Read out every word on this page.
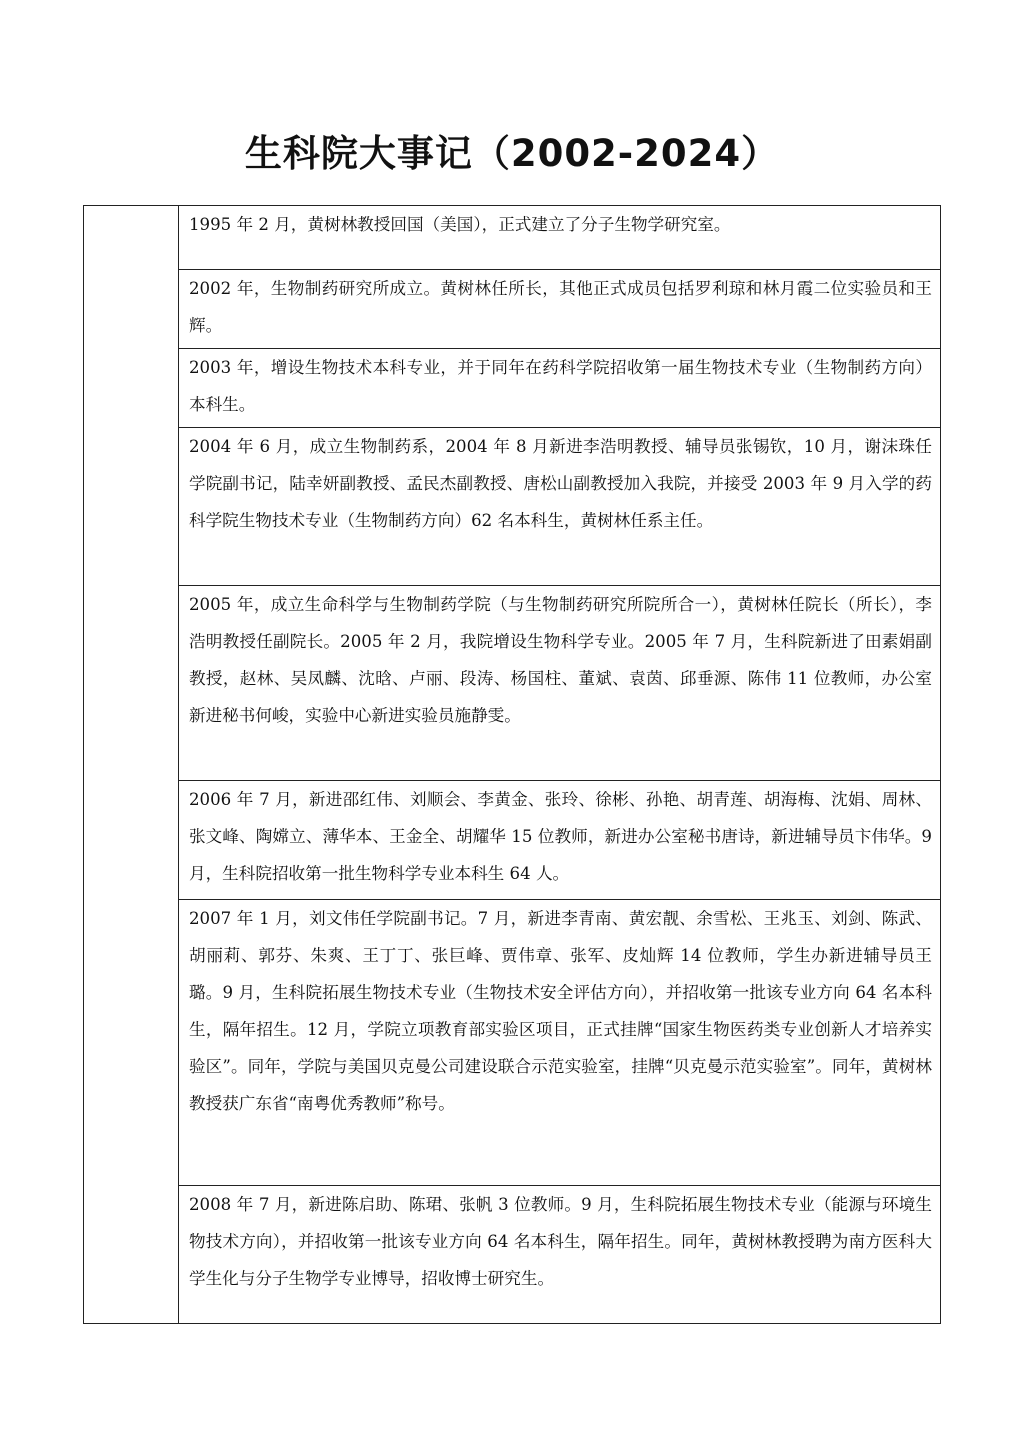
生科院大事记（2002-2024）
1995 年 2 月，黄树林教授回国（美国），正式建立了分子生物学研究室。
2002 年，生物制药研究所成立。黄树林任所长，其他正式成员包括罗利琼和林月霞二位实验员和王辉。
2003 年，增设生物技术本科专业，并于同年在药科学院招收第一届生物技术专业（生物制药方向）本科生。
2004 年 6 月，成立生物制药系，2004 年 8 月新进李浩明教授、辅导员张锡钦，10 月，谢沫珠任学院副书记，陆幸妍副教授、孟民杰副教授、唐松山副教授加入我院，并接受 2003 年 9 月入学的药科学院生物技术专业（生物制药方向）62 名本科生，黄树林任系主任。
2005 年，成立生命科学与生物制药学院（与生物制药研究所院所合一），黄树林任院长（所长），李浩明教授任副院长。2005 年 2 月，我院增设生物科学专业。2005 年 7 月，生科院新进了田素娟副教授，赵林、吴凤麟、沈晗、卢丽、段涛、杨国柱、董斌、袁茵、邱垂源、陈伟 11 位教师，办公室新进秘书何峻，实验中心新进实验员施静雯。
2006 年 7 月，新进邵红伟、刘顺会、李黄金、张玲、徐彬、孙艳、胡青莲、胡海梅、沈娟、周林、张文峰、陶嫦立、薄华本、王金全、胡耀华 15 位教师，新进办公室秘书唐诗，新进辅导员卞伟华。9 月，生科院招收第一批生物科学专业本科生 64 人。
2007 年 1 月，刘文伟任学院副书记。7 月，新进李青南、黄宏靓、余雪松、王兆玉、刘剑、陈武、胡丽莉、郭芬、朱爽、王丁丁、张巨峰、贾伟章、张军、皮灿辉 14 位教师，学生办新进辅导员王璐。9 月，生科院拓展生物技术专业（生物技术安全评估方向），并招收第一批该专业方向 64 名本科生，隔年招生。12 月，学院立项教育部实验区项目，正式挂牌“国家生物医药类专业创新人才培养实验区”。同年，学院与美国贝克曼公司建设联合示范实验室，挂牌“贝克曼示范实验室”。同年，黄树林教授获广东省“南粤优秀教师”称号。
2008 年 7 月，新进陈启助、陈珺、张帆 3 位教师。9 月，生科院拓展生物技术专业（能源与环境生物技术方向），并招收第一批该专业方向 64 名本科生，隔年招生。同年，黄树林教授聘为南方医科大学生化与分子生物学专业博导，招收博士研究生。
